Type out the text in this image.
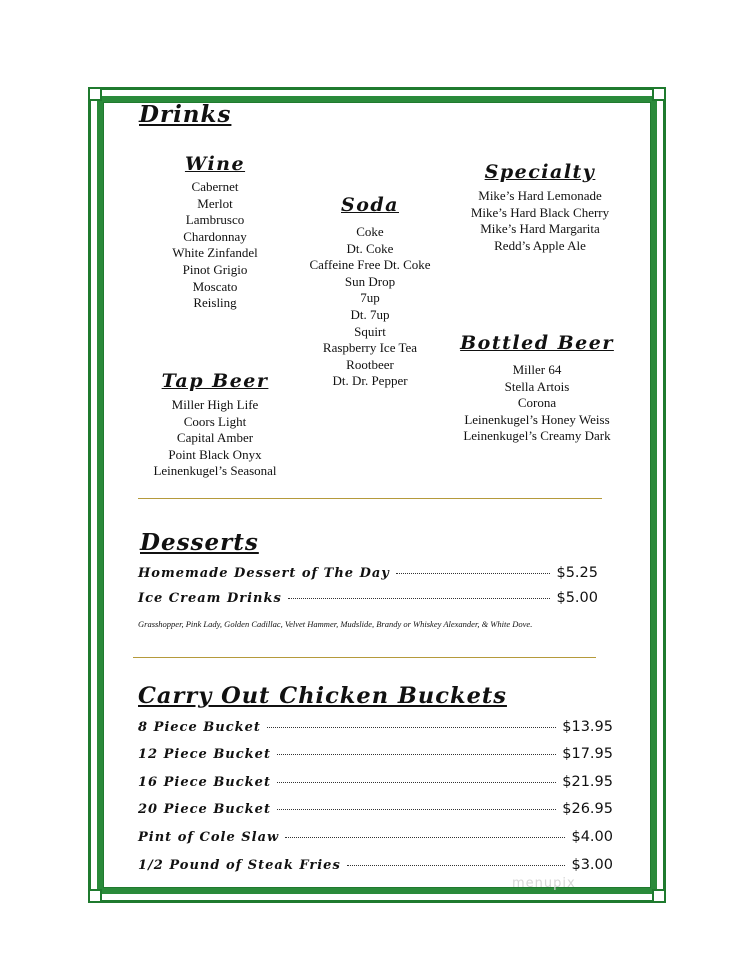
Drinks
Wine
Cabernet
Merlot
Lambrusco
Chardonnay
White Zinfandel
Pinot Grigio
Moscato
Reisling
Soda
Coke
Dt. Coke
Caffeine Free Dt. Coke
Sun Drop
7up
Dt. 7up
Squirt
Raspberry Ice Tea
Rootbeer
Dt. Dr. Pepper
Specialty
Mike’s Hard Lemonade
Mike’s Hard Black Cherry
Mike’s Hard Margarita
Redd’s Apple Ale
Tap Beer
Miller High Life
Coors Light
Capital Amber
Point Black Onyx
Leinenkugel’s Seasonal
Bottled Beer
Miller 64
Stella Artois
Corona
Leinenkugel’s Honey Weiss
Leinenkugel’s Creamy Dark
Desserts
Homemade Dessert of The Day	$5.25
Ice Cream Drinks	$5.00
Grasshopper, Pink Lady, Golden Cadillac, Velvet Hammer, Mudslide, Brandy or Whiskey Alexander, & White Dove.
Carry Out Chicken Buckets
8 Piece Bucket	$13.95
12 Piece Bucket	$17.95
16 Piece Bucket	$21.95
20 Piece Bucket	$26.95
Pint of Cole Slaw	$4.00
1/2 Pound of Steak Fries	$3.00
menupix
